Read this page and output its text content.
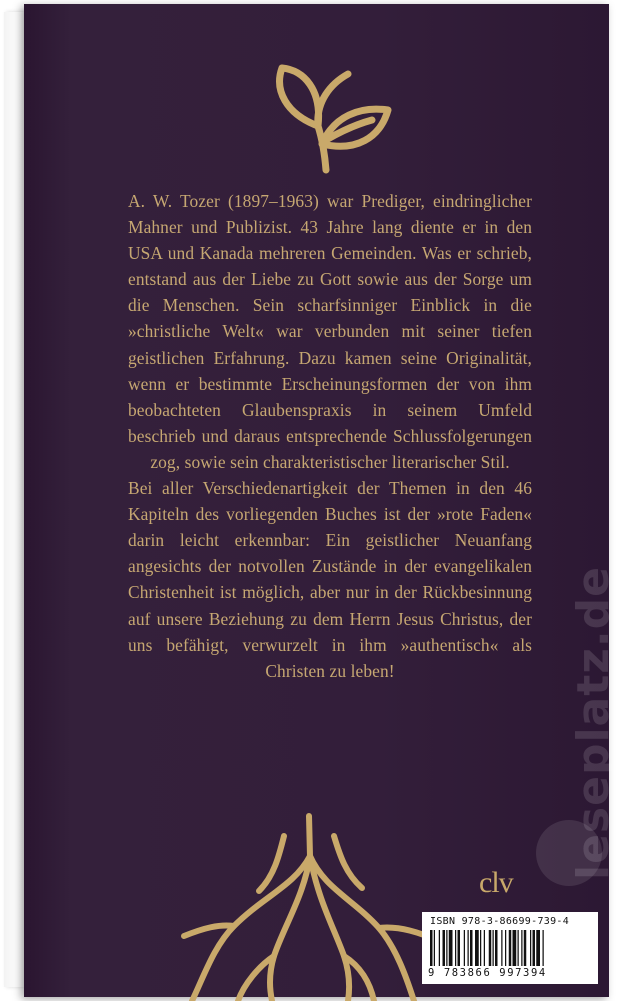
A. W. Tozer (1897–1963) war Prediger, eindringlicher Mahner und Publizist. 43 Jahre lang diente er in den USA und Kanada mehreren Gemeinden. Was er schrieb, entstand aus der Liebe zu Gott sowie aus der Sorge um die Menschen. Sein scharfsinniger Einblick in die »christliche Welt« war verbunden mit seiner tiefen geistlichen Erfahrung. Dazu kamen seine Originalität, wenn er bestimmte Erscheinungsformen der von ihm beobachteten Glaubenspraxis in seinem Umfeld beschrieb und daraus entsprechende Schlussfolgerungen zog, sowie sein charakteristischer literarischer Stil.

Bei aller Verschiedenartigkeit der Themen in den 46 Kapiteln des vorliegenden Buches ist der »rote Faden« darin leicht erkennbar: Ein geistlicher Neuanfang angesichts der notvollen Zustände in der evangelikalen Christenheit ist möglich, aber nur in der Rückbesinnung auf unsere Beziehung zu dem Herrn Jesus Christus, der uns befähigt, verwurzelt in ihm »authentisch« als Christen zu leben!

clv
ISBN 978-3-86699-739-4
9 783866 997394
